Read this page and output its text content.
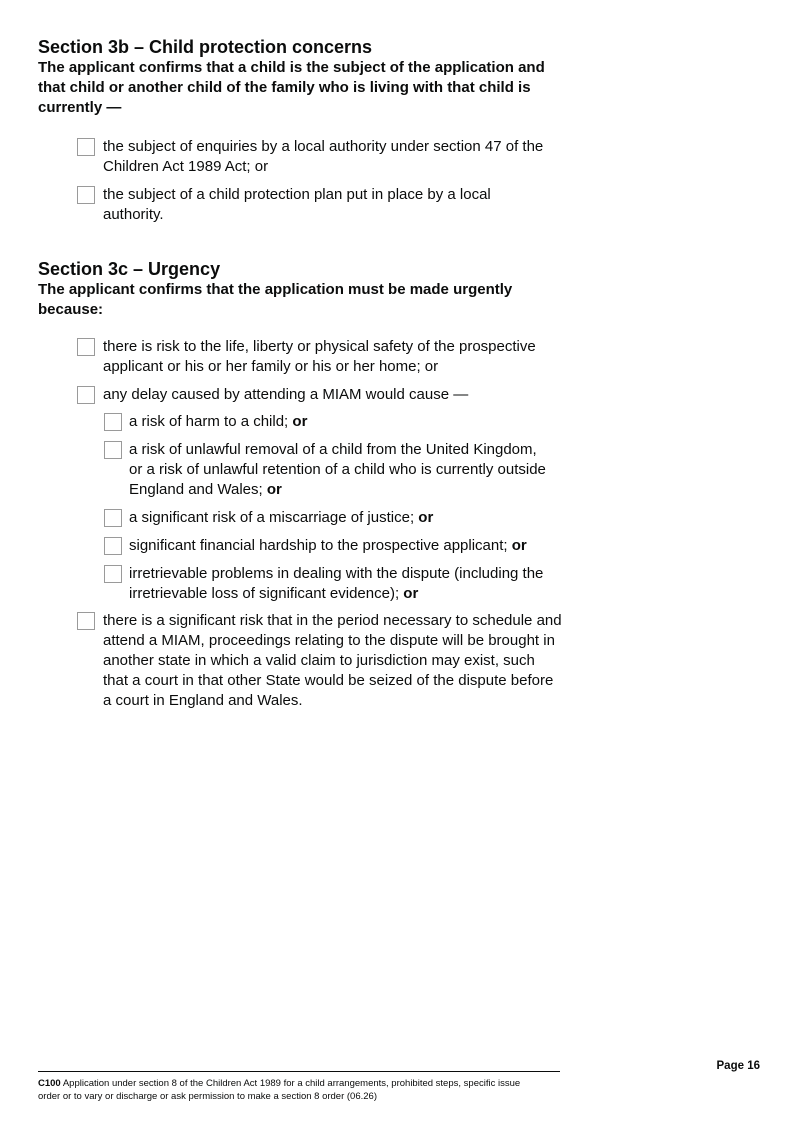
Section 3b – Child protection concerns

The applicant confirms that a child is the subject of the application and that child or another child of the family who is living with that child is currently —

the subject of enquiries by a local authority under section 47 of the Children Act 1989 Act; or
the subject of a child protection plan put in place by a local authority.
Section 3c – Urgency

The applicant confirms that the application must be made urgently because:

there is risk to the life, liberty or physical safety of the prospective applicant or his or her family or his or her home; or
any delay caused by attending a MIAM would cause —
a risk of harm to a child; or
a risk of unlawful removal of a child from the United Kingdom, or a risk of unlawful retention of a child who is currently outside England and Wales; or
a significant risk of a miscarriage of justice; or
significant financial hardship to the prospective applicant; or
irretrievable problems in dealing with the dispute (including the irretrievable loss of significant evidence); or
there is a significant risk that in the period necessary to schedule and attend a MIAM, proceedings relating to the dispute will be brought in another state in which a valid claim to jurisdiction may exist, such that a court in that other State would be seized of the dispute before a court in England and Wales.
Page 16
C100 Application under section 8 of the Children Act 1989 for a child arrangements, prohibited steps, specific issue order or to vary or discharge or ask permission to make a section 8 order (06.26)
